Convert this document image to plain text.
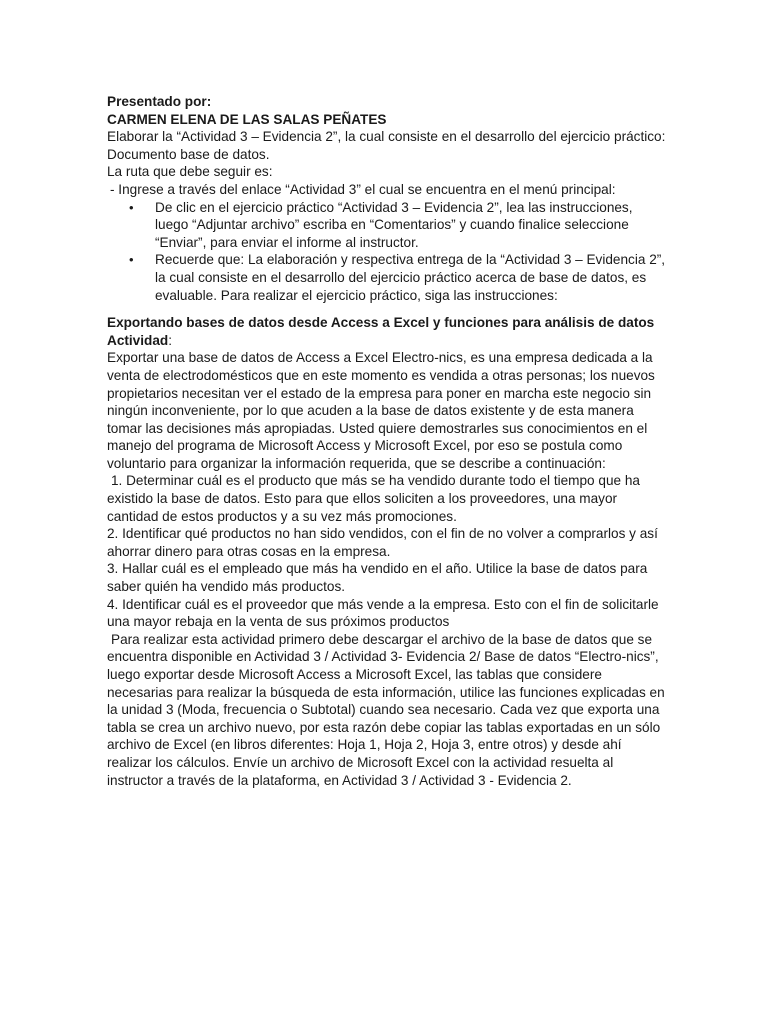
Presentado por:

CARMEN ELENA DE LAS SALAS PEÑATES

Elaborar la “Actividad 3 – Evidencia 2”, la cual consiste en el desarrollo del ejercicio práctico: Documento base de datos.

La ruta que debe seguir es:

- Ingrese a través del enlace “Actividad 3” el cual se encuentra en el menú principal:

• De clic en el ejercicio práctico “Actividad 3 – Evidencia 2”, lea las instrucciones, luego “Adjuntar archivo” escriba en “Comentarios” y cuando finalice seleccione “Enviar”, para enviar el informe al instructor.
• Recuerde que: La elaboración y respectiva entrega de la “Actividad 3 – Evidencia 2”, la cual consiste en el desarrollo del ejercicio práctico acerca de base de datos, es evaluable. Para realizar el ejercicio práctico, siga las instrucciones:

Exportando bases de datos desde Access a Excel y funciones para análisis de datos Actividad:

Exportar una base de datos de Access a Excel Electro-nics, es una empresa dedicada a la venta de electrodomésticos que en este momento es vendida a otras personas; los nuevos propietarios necesitan ver el estado de la empresa para poner en marcha este negocio sin ningún inconveniente, por lo que acuden a la base de datos existente y de esta manera tomar las decisiones más apropiadas. Usted quiere demostrarles sus conocimientos en el manejo del programa de Microsoft Access y Microsoft Excel, por eso se postula como voluntario para organizar la información requerida, que se describe a continuación:

1. Determinar cuál es el producto que más se ha vendido durante todo el tiempo que ha existido la base de datos. Esto para que ellos soliciten a los proveedores, una mayor cantidad de estos productos y a su vez más promociones.

2. Identificar qué productos no han sido vendidos, con el fin de no volver a comprarlos y así ahorrar dinero para otras cosas en la empresa.

3. Hallar cuál es el empleado que más ha vendido en el año. Utilice la base de datos para saber quién ha vendido más productos.

4. Identificar cuál es el proveedor que más vende a la empresa. Esto con el fin de solicitarle una mayor rebaja en la venta de sus próximos productos

Para realizar esta actividad primero debe descargar el archivo de la base de datos que se encuentra disponible en Actividad 3 / Actividad 3- Evidencia 2/ Base de datos “Electro-nics”, luego exportar desde Microsoft Access a Microsoft Excel, las tablas que considere necesarias para realizar la búsqueda de esta información, utilice las funciones explicadas en la unidad 3 (Moda, frecuencia o Subtotal) cuando sea necesario. Cada vez que exporta una tabla se crea un archivo nuevo, por esta razón debe copiar las tablas exportadas en un sólo archivo de Excel (en libros diferentes: Hoja 1, Hoja 2, Hoja 3, entre otros) y desde ahí realizar los cálculos. Envíe un archivo de Microsoft Excel con la actividad resuelta al instructor a través de la plataforma, en Actividad 3 / Actividad 3 - Evidencia 2.
